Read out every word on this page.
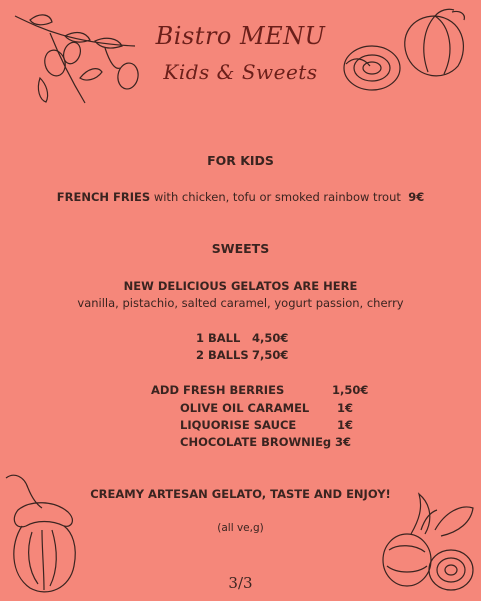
Bistro MENU
Kids & Sweets
FOR KIDS
FRENCH FRIES with chicken, tofu or smoked rainbow trout 9€
SWEETS
NEW DELICIOUS GELATOS ARE HERE
vanilla, pistachio, salted caramel, yogurt passion, cherry
1 BALL 4,50€
2 BALLS 7,50€
ADD FRESH BERRIES	1,50€
OLIVE OIL CARAMEL 1€
LIQUORISE SAUCE	1€
CHOCOLATE BROWNIEg 3€
CREAMY ARTESAN GELATO, TASTE AND ENJOY!
(all ve,g)
3/3
